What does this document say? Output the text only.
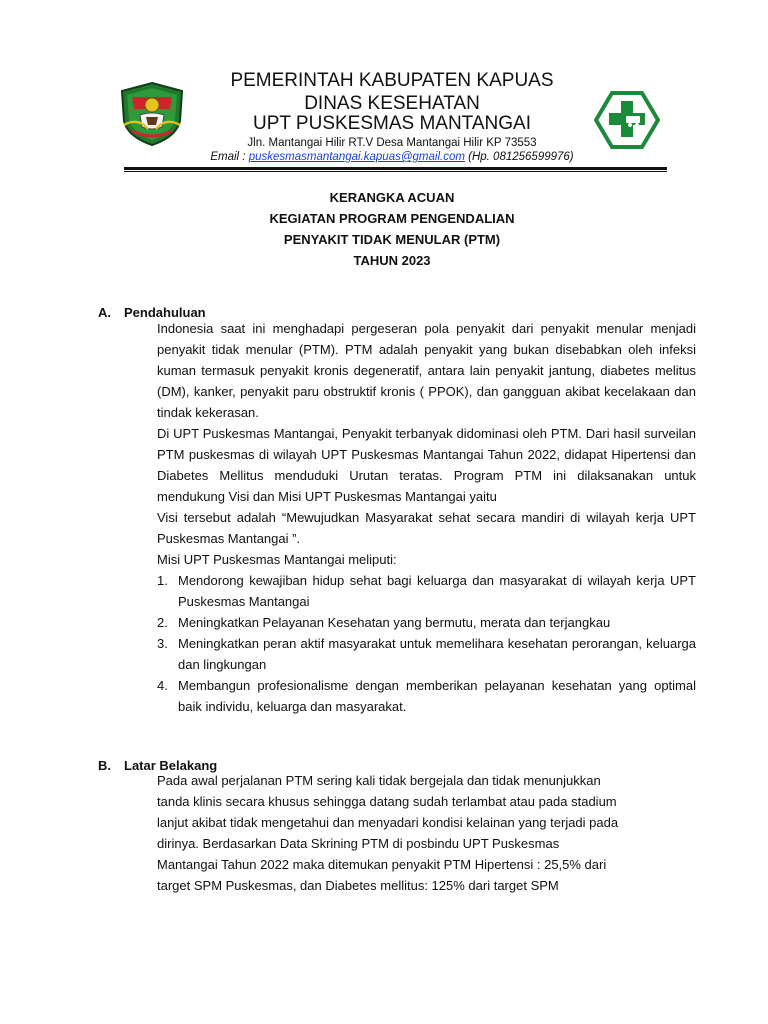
PEMERINTAH KABUPATEN KAPUAS
DINAS KESEHATAN
UPT PUSKESMAS MANTANGAI
Jln. Mantangai Hilir RT.V Desa Mantangai Hilir KP 73553
Email : puskesmasmantangai.kapuas@gmail.com (Hp. 081256599976)
KERANGKA ACUAN
KEGIATAN PROGRAM PENGENDALIAN
PENYAKIT TIDAK MENULAR (PTM)
TAHUN 2023
A. Pendahuluan

Indonesia saat ini menghadapi pergeseran pola penyakit dari penyakit menular menjadi penyakit tidak menular (PTM). PTM adalah penyakit yang bukan disebabkan oleh infeksi kuman termasuk penyakit kronis degeneratif, antara lain penyakit jantung, diabetes melitus (DM), kanker, penyakit paru obstruktif kronis ( PPOK), dan gangguan akibat kecelakaan dan tindak kekerasan.

Di UPT Puskesmas Mantangai, Penyakit terbanyak didominasi oleh PTM. Dari hasil surveilan PTM puskesmas di wilayah UPT Puskesmas Mantangai Tahun 2022, didapat Hipertensi dan Diabetes Mellitus menduduki Urutan teratas. Program PTM ini dilaksanakan untuk mendukung Visi dan Misi UPT Puskesmas Mantangai yaitu

Visi tersebut adalah “Mewujudkan Masyarakat sehat secara mandiri di wilayah kerja UPT Puskesmas Mantangai ”.

Misi UPT Puskesmas Mantangai meliputi:

1. Mendorong kewajiban hidup sehat bagi keluarga dan masyarakat di wilayah kerja UPT Puskesmas Mantangai
2. Meningkatkan Pelayanan Kesehatan yang bermutu, merata dan terjangkau
3. Meningkatkan peran aktif masyarakat untuk memelihara kesehatan perorangan, keluarga dan lingkungan
4. Membangun profesionalisme dengan memberikan pelayanan kesehatan yang optimal baik individu, keluarga dan masyarakat.
B. Latar Belakang
Pada awal perjalanan PTM sering kali tidak bergejala dan tidak menunjukkan
tanda klinis secara khusus sehingga datang sudah terlambat atau pada stadium
lanjut akibat tidak mengetahui dan menyadari kondisi kelainan yang terjadi pada
dirinya. Berdasarkan Data Skrining PTM di posbindu UPT Puskesmas
Mantangai Tahun 2022 maka ditemukan penyakit PTM Hipertensi : 25,5% dari
target SPM Puskesmas, dan Diabetes mellitus: 125% dari target SPM
